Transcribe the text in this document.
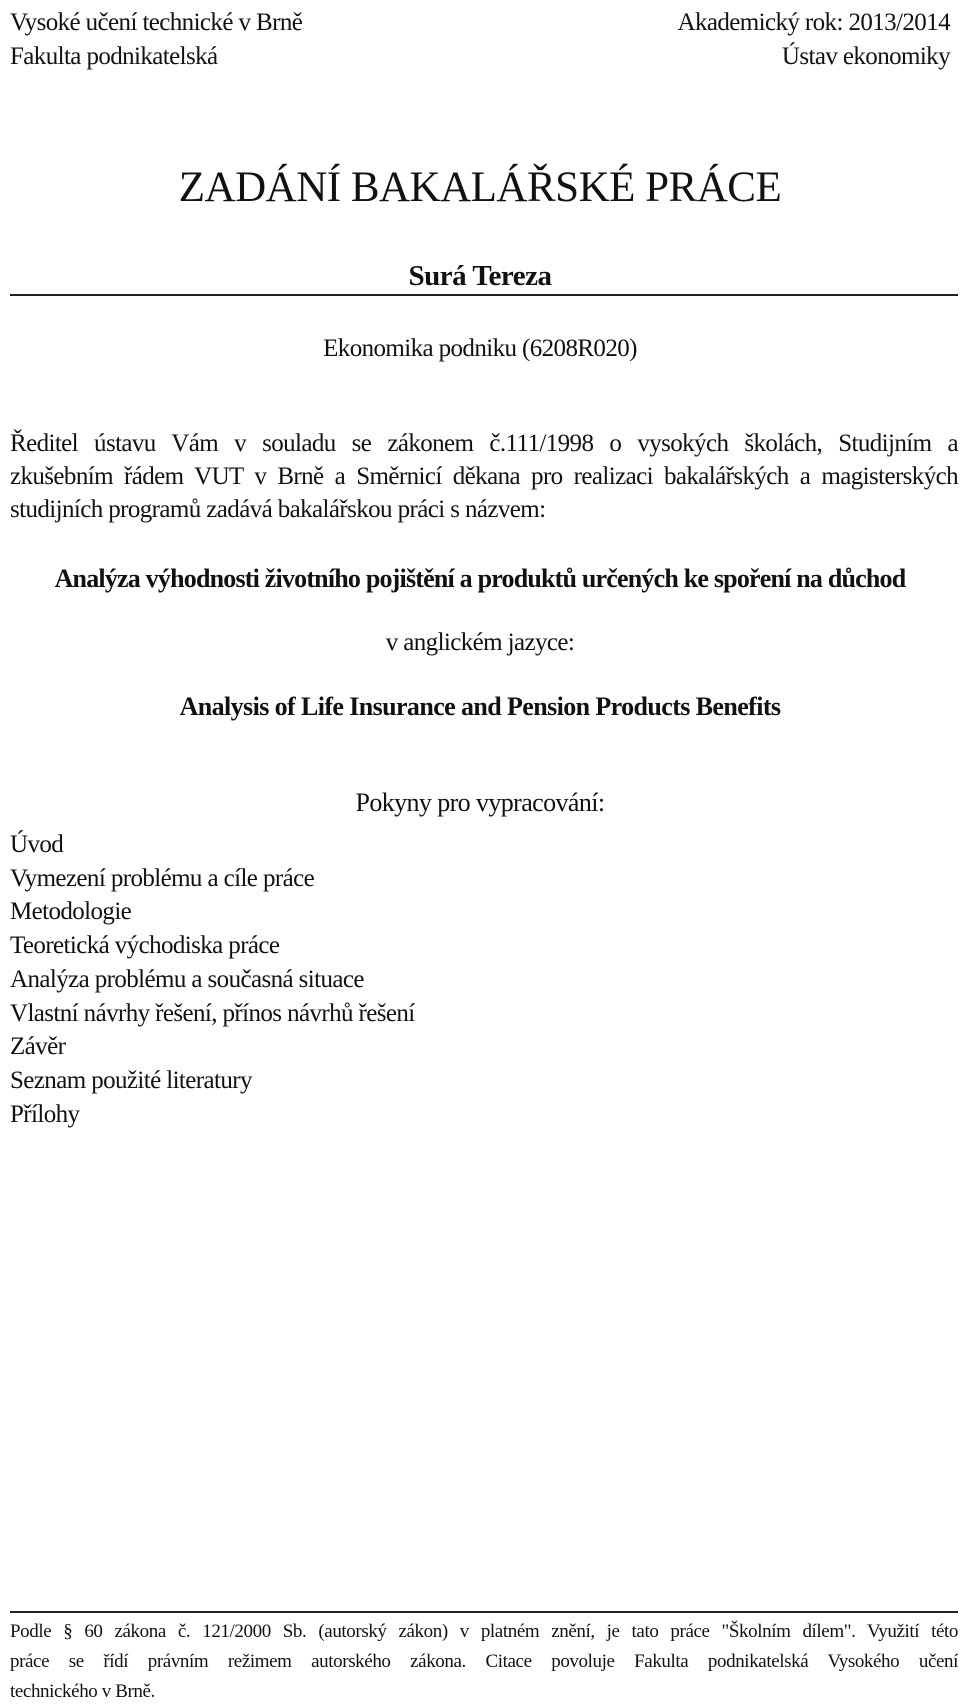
Vysoké učení technické v Brně
Fakulta podnikatelská
Akademický rok: 2013/2014
Ústav ekonomiky
ZADÁNÍ BAKALÁŘSKÉ PRÁCE
Surá Tereza
Ekonomika podniku (6208R020)
Ředitel ústavu Vám v souladu se zákonem č.111/1998 o vysokých školách, Studijním a
zkušebním řádem VUT v Brně a Směrnicí děkana pro realizaci bakalářských a magisterských
studijních programů zadává bakalářskou práci s názvem:
Analýza výhodnosti životního pojištění a produktů určených ke spoření na důchod
v anglickém jazyce:
Analysis of Life Insurance and Pension Products Benefits
Pokyny pro vypracování:
Úvod
Vymezení problému a cíle práce
Metodologie
Teoretická východiska práce
Analýza problému a současná situace
Vlastní návrhy řešení, přínos návrhů řešení
Závěr
Seznam použité literatury
Přílohy
Podle § 60 zákona č. 121/2000 Sb. (autorský zákon) v platném znění, je tato práce "Školním dílem". Využití této
práce se řídí právním režimem autorského zákona. Citace povoluje Fakulta podnikatelská Vysokého učení
technického v Brně.
